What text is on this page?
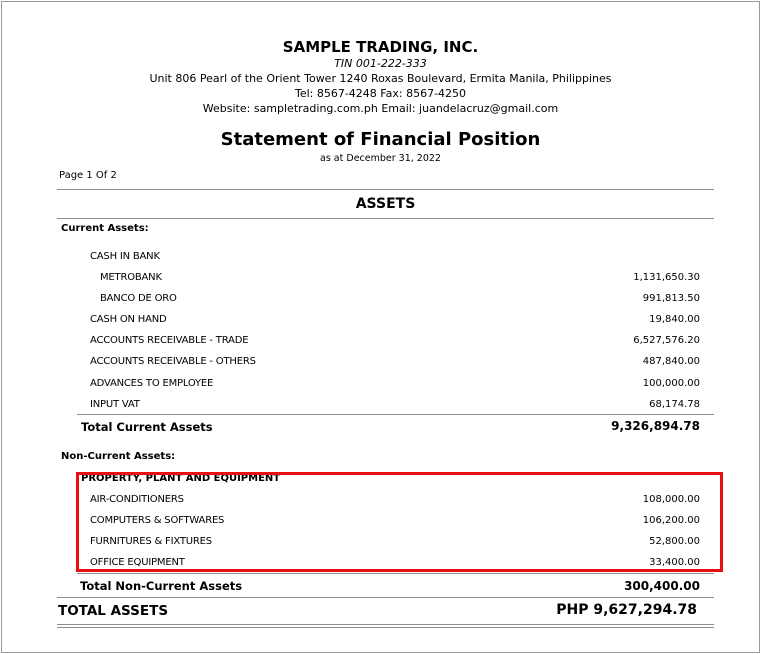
SAMPLE TRADING, INC.
TIN 001-222-333
Unit 806 Pearl of the Orient Tower 1240 Roxas Boulevard, Ermita Manila, Philippines
Tel: 8567-4248 Fax: 8567-4250
Website: sampletrading.com.ph Email: juandelacruz@gmail.com
Statement of Financial Position
as at December 31, 2022
Page 1 Of 2
ASSETS
Current Assets:
CASH IN BANK
METROBANK	1,131,650.30
BANCO DE ORO	991,813.50
CASH ON HAND	19,840.00
ACCOUNTS RECEIVABLE - TRADE	6,527,576.20
ACCOUNTS RECEIVABLE - OTHERS	487,840.00
ADVANCES TO EMPLOYEE	100,000.00
INPUT VAT	68,174.78
Total Current Assets	9,326,894.78
Non-Current Assets:
PROPERTY, PLANT AND EQUIPMENT
AIR-CONDITIONERS	108,000.00
COMPUTERS & SOFTWARES	106,200.00
FURNITURES & FIXTURES	52,800.00
OFFICE EQUIPMENT	33,400.00
Total Non-Current Assets	300,400.00
TOTAL ASSETS	PHP 9,627,294.78
